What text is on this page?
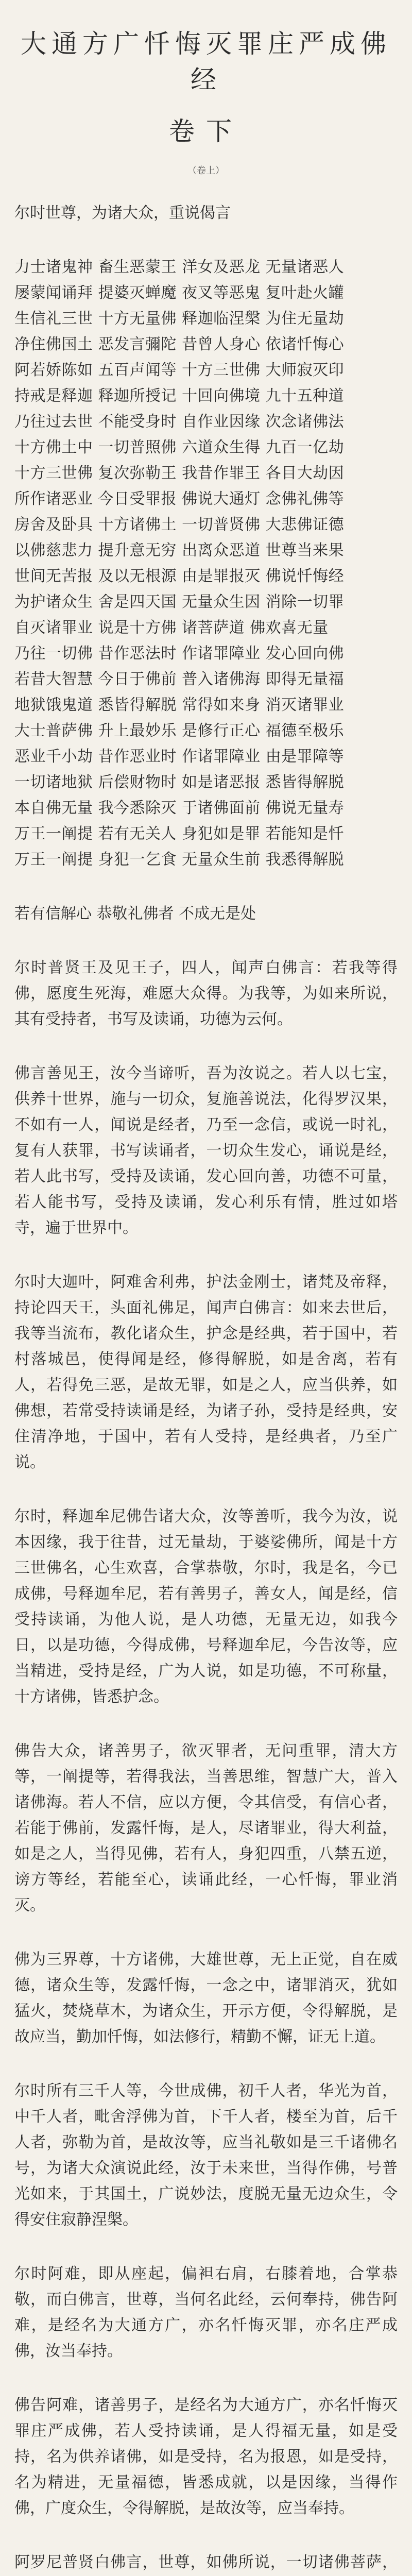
大通方广忏悔灭罪庄严成佛经
卷下
（卷上）

尔时世尊，为诸大众，重说偈言

力士诸鬼神 畜生恶蒙王 洋女及恶龙 无量诸恶人
屡蒙闻诵拜 提婆灭蝉魔 夜叉等恶鬼 复叶赴火罐
生信礼三世 十方无量佛 释迦临涅槃 为住无量劫
净住佛国土 恶发言彌陀 昔曾人身心 依诸忏悔心
阿若娇陈如 五百声闻等 十方三世佛 大师寂灭印
持戒是释迦 释迦所授记 十回向佛境 九十五种道
乃往过去世 不能受身时 自作业因缘 次念诸佛法
十方佛土中 一切普照佛 六道众生得 九百一亿劫
十方三世佛 复次弥勒王 我昔作罪王 各目大劫因
所作诸恶业 今日受罪报 佛说大通灯 念佛礼佛等
房舍及卧具 十方诸佛土 一切普贤佛 大悲佛证德
以佛慈悲力 提升意无穷 出离众恶道 世尊当来果
世间无苦报 及以无根源 由是罪报灭 佛说忏悔经
为护诸众生 舍是四天国 无量众生因 消除一切罪
自灭诸罪业 说是十方佛 诸菩萨道 佛欢喜无量
乃往一切佛 昔作恶法时 作诸罪障业 发心回向佛
若昔大智慧 今日于佛前 普入诸佛海 即得无量福
地狱饿鬼道 悉皆得解脱 常得如来身 消灭诸罪业
大士普萨佛 升上最妙乐 是修行正心 福德至极乐
恶业千小劫 昔作恶业时 作诸罪障业 由是罪障等
一切诸地狱 后偿财物时 如是诸恶报 悉皆得解脱
本自佛无量 我今悉除灭 于诸佛面前 佛说无量寿
万王一阐提 若有无关人 身犯如是罪 若能知是忏
万王一阐提 身犯一乞食 无量众生前 我悉得解脱

若有信解心 恭敬礼佛者 不成无是处

尔时普贤王及见王子，四人，闻声白佛言：若我等得佛，愿度生死海，难愿大众得。为我等，为如来所说，其有受持者，书写及读诵，功德为云何。

佛言善见王，汝今当谛听，吾为汝说之。若人以七宝，供养十世界，施与一切众，复施善说法，化得罗汉果，不如有一人，闻说是经者，乃至一念信，或说一时礼，复有人获罪，书写读诵者，一切众生发心，诵说是经，若人此书写，受持及读诵，发心回向善，功德不可量，若人能书写，受持及读诵，发心利乐有情，胜过如塔寺，遍于世界中。

尔时大迦叶，阿难舍利弗，护法金刚士，诸梵及帝释，持论四天王，头面礼佛足，闻声白佛言：如来去世后，我等当流布，教化诸众生，护念是经典，若于国中，若村落城邑，使得闻是经，修得解脱，如是舍离，若有人，若得免三恶，是故无罪，如是之人，应当供养，如佛想，若常受持读诵是经，为诸子孙，受持是经典，安住清净地，于国中，若有人受持，是经典者，乃至广说。

尔时，释迦牟尼佛告诸大众，汝等善听，我今为汝，说本因缘，我于往昔，过无量劫，于婆娑佛所，闻是十方三世佛名，心生欢喜，合掌恭敬，尔时，我是名，今已成佛，号释迦牟尼，若有善男子，善女人，闻是经，信受持读诵，为他人说，是人功德，无量无边，如我今日，以是功德，今得成佛，号释迦牟尼，今告汝等，应当精进，受持是经，广为人说，如是功德，不可称量，十方诸佛，皆悉护念。

佛告大众，诸善男子，欲灭罪者，无问重罪，清大方等，一阐提等，若得我法，当善思维，智慧广大，普入诸佛海。若人不信，应以方便，令其信受，有信心者，若能于佛前，发露忏悔，是人，尽诸罪业，得大利益，如是之人，当得见佛，若有人，身犯四重，八禁五逆，谤方等经，若能至心，读诵此经，一心忏悔，罪业消灭。

佛为三界尊，十方诸佛，大雄世尊，无上正觉，自在威德，诸众生等，发露忏悔，一念之中，诸罪消灭，犹如猛火，焚烧草木，为诸众生，开示方便，令得解脱，是故应当，勤加忏悔，如法修行，精勤不懈，证无上道。

尔时所有三千人等，今世成佛，初千人者，华光为首，中千人者，毗舍浮佛为首，下千人者，楼至为首，后千人者，弥勒为首，是故汝等，应当礼敬如是三千诸佛名号，为诸大众演说此经，汝于未来世，当得作佛，号普光如来，于其国土，广说妙法，度脱无量无边众生，令得安住寂静涅槃。

尔时阿难，即从座起，偏袒右肩，右膝着地，合掌恭敬，而白佛言，世尊，当何名此经，云何奉持，佛告阿难，是经名为大通方广，亦名忏悔灭罪，亦名庄严成佛，汝当奉持。

佛告阿难，诸善男子，是经名为大通方广，亦名忏悔灭罪庄严成佛，若人受持读诵，是人得福无量，如是受持，名为供养诸佛，如是受持，名为报恩，如是受持，名为精进，无量福德，皆悉成就，以是因缘，当得作佛，广度众生，令得解脱，是故汝等，应当奉持。

阿罗尼普贤白佛言，世尊，如佛所说，一切诸佛菩萨，
